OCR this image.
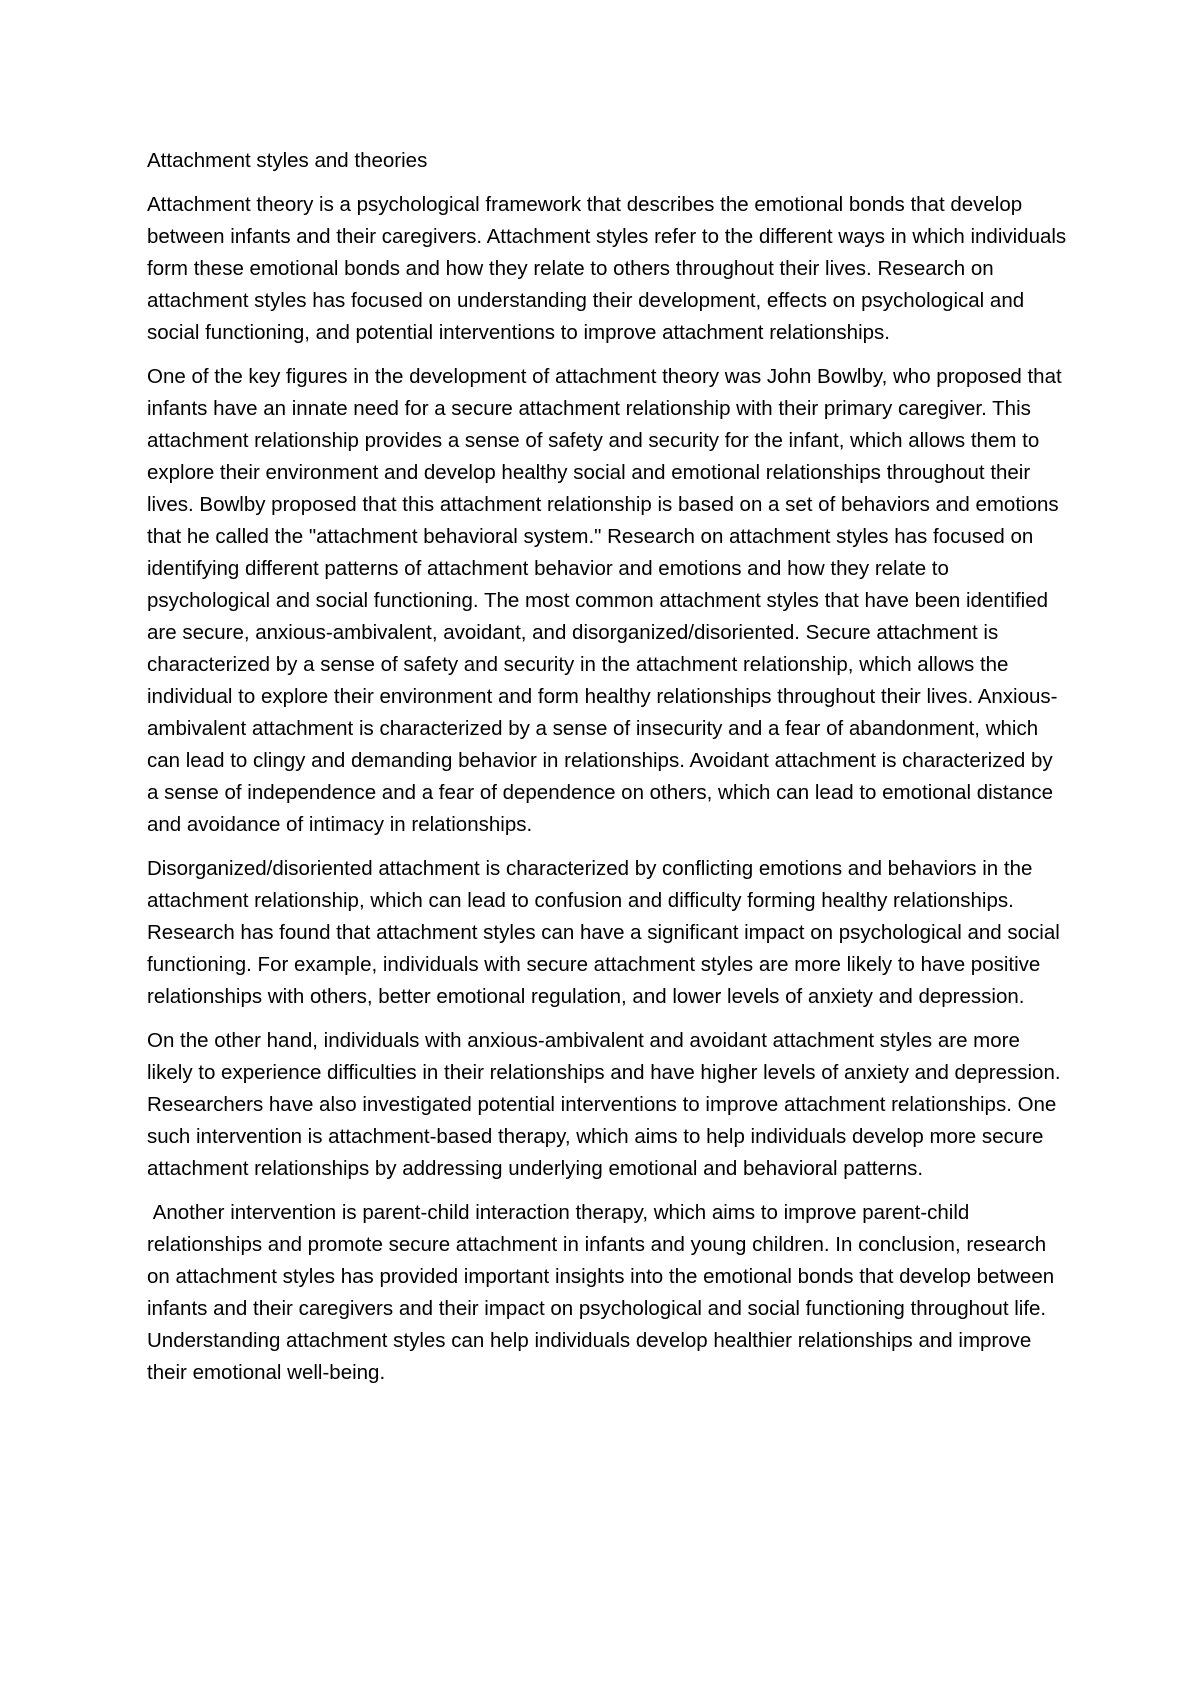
Attachment styles and theories

Attachment theory is a psychological framework that describes the emotional bonds that develop between infants and their caregivers. Attachment styles refer to the different ways in which individuals form these emotional bonds and how they relate to others throughout their lives. Research on attachment styles has focused on understanding their development, effects on psychological and social functioning, and potential interventions to improve attachment relationships.

One of the key figures in the development of attachment theory was John Bowlby, who proposed that infants have an innate need for a secure attachment relationship with their primary caregiver. This attachment relationship provides a sense of safety and security for the infant, which allows them to explore their environment and develop healthy social and emotional relationships throughout their lives. Bowlby proposed that this attachment relationship is based on a set of behaviors and emotions that he called the "attachment behavioral system." Research on attachment styles has focused on identifying different patterns of attachment behavior and emotions and how they relate to psychological and social functioning. The most common attachment styles that have been identified are secure, anxious-ambivalent, avoidant, and disorganized/disoriented. Secure attachment is characterized by a sense of safety and security in the attachment relationship, which allows the individual to explore their environment and form healthy relationships throughout their lives. Anxious-ambivalent attachment is characterized by a sense of insecurity and a fear of abandonment, which can lead to clingy and demanding behavior in relationships. Avoidant attachment is characterized by a sense of independence and a fear of dependence on others, which can lead to emotional distance and avoidance of intimacy in relationships.

Disorganized/disoriented attachment is characterized by conflicting emotions and behaviors in the attachment relationship, which can lead to confusion and difficulty forming healthy relationships. Research has found that attachment styles can have a significant impact on psychological and social functioning. For example, individuals with secure attachment styles are more likely to have positive relationships with others, better emotional regulation, and lower levels of anxiety and depression.

On the other hand, individuals with anxious-ambivalent and avoidant attachment styles are more likely to experience difficulties in their relationships and have higher levels of anxiety and depression. Researchers have also investigated potential interventions to improve attachment relationships. One such intervention is attachment-based therapy, which aims to help individuals develop more secure attachment relationships by addressing underlying emotional and behavioral patterns.

Another intervention is parent-child interaction therapy, which aims to improve parent-child relationships and promote secure attachment in infants and young children. In conclusion, research on attachment styles has provided important insights into the emotional bonds that develop between infants and their caregivers and their impact on psychological and social functioning throughout life. Understanding attachment styles can help individuals develop healthier relationships and improve their emotional well-being.
